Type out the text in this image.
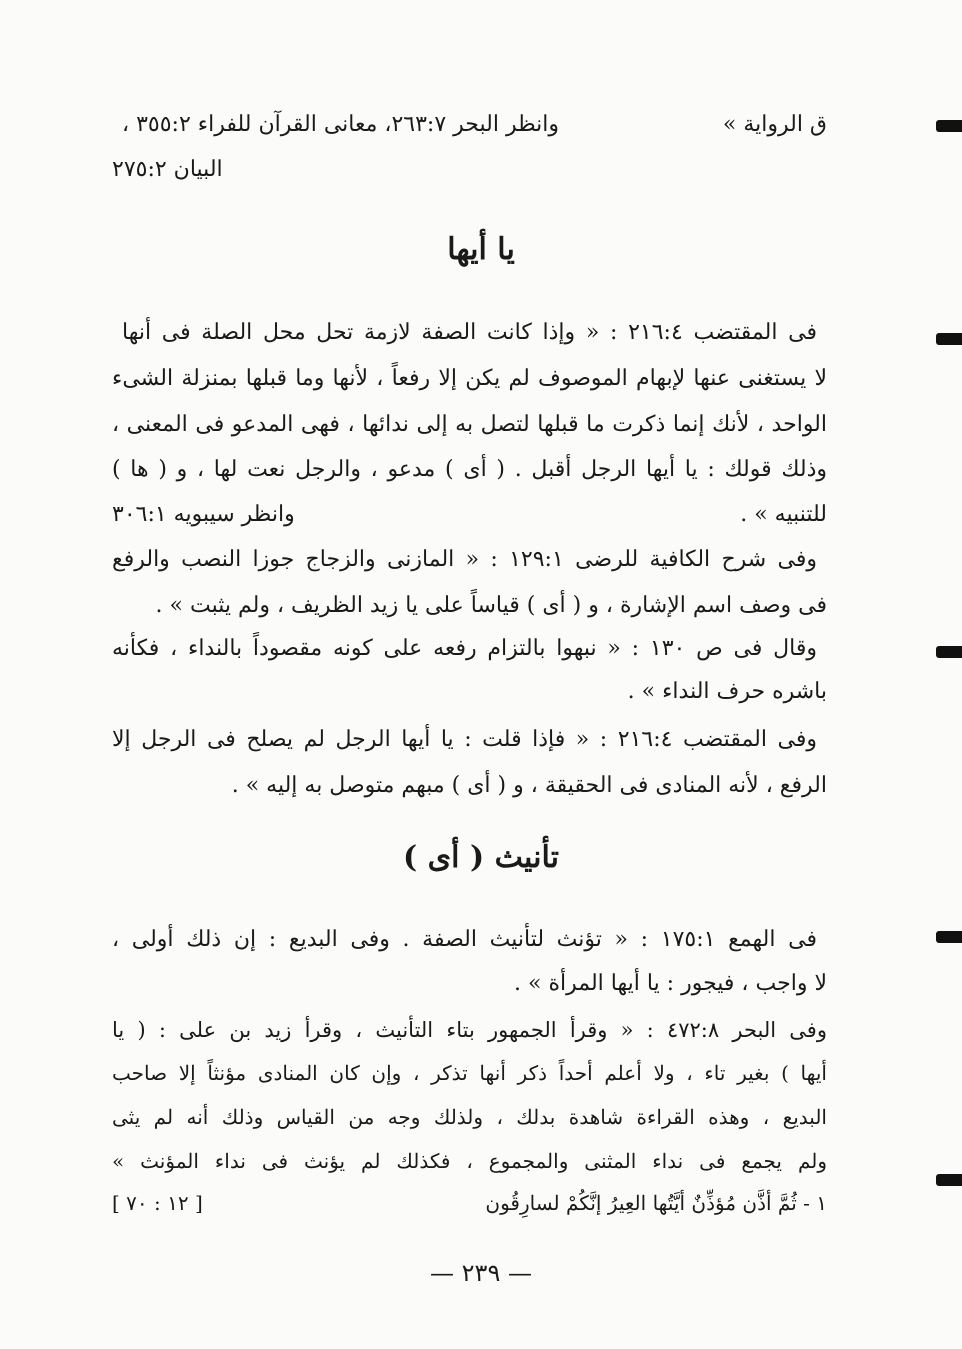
ق الرواية »
وانظر البحر ٢٦٣:٧، معانى القرآن للفراء ٣٥٥:٢ ،
البيان ٢٧٥:٢
يا أيها
فى المقتضب ٢١٦:٤ : « وإذا كانت الصفة لازمة تحل محل الصلة فى أنها
لا يستغنى عنها لإبهام الموصوف لم يكن إلا رفعاً ، لأنها وما قبلها بمنزلة الشىء
الواحد ، لأنك إنما ذكرت ما قبلها لتصل به إلى ندائها ، فهى المدعو فى المعنى ،
وذلك قولك : يا أيها الرجل أقبل . ( أى ) مدعو ، والرجل نعت لها ، و ( ها )
للتنبيه » .
وانظر سيبويه ٣٠٦:١
وفى شرح الكافية للرضى ١٢٩:١ : « المازنى والزجاج جوزا النصب والرفع
فى وصف اسم الإشارة ، و ( أى ) قياساً على يا زيد الظريف ، ولم يثبت » .
وقال فى ص ١٣٠ : « نبهوا بالتزام رفعه على كونه مقصوداً بالنداء ، فكأنه
باشره حرف النداء » .
وفى المقتضب ٢١٦:٤ : « فإذا قلت : يا أيها الرجل لم يصلح فى الرجل إلا
الرفع ، لأنه المنادى فى الحقيقة ، و ( أى ) مبهم متوصل به إليه » .
تأنيث ( أى )
فى الهمع ١٧٥:١ : « تؤنث لتأنيث الصفة . وفى البديع : إن ذلك أولى ،
لا واجب ، فيجور : يا أيها المرأة » .
وفى البحر ٤٧٢:٨ : « وقرأ الجمهور بتاء التأنيث ، وقرأ زيد بن على : ( يا
أيها ) بغير تاء ، ولا أعلم أحداً ذكر أنها تذكر ، وإن كان المنادى مؤنثاً إلا صاحب
البديع ، وهذه القراءة شاهدة بدلك ، ولذلك وجه من القياس وذلك أنه لم يثى
ولم يجمع فى نداء المثنى والمجموع ، فكذلك لم يؤنث فى نداء المؤنث »
١ - ثُمَّ أذَّن مُؤذِّنٌ أيَّتُها العِيرُ إنَّكُمْ لسارِقُون
[ ١٢ : ٧٠ ]
— ٢٣٩ —
